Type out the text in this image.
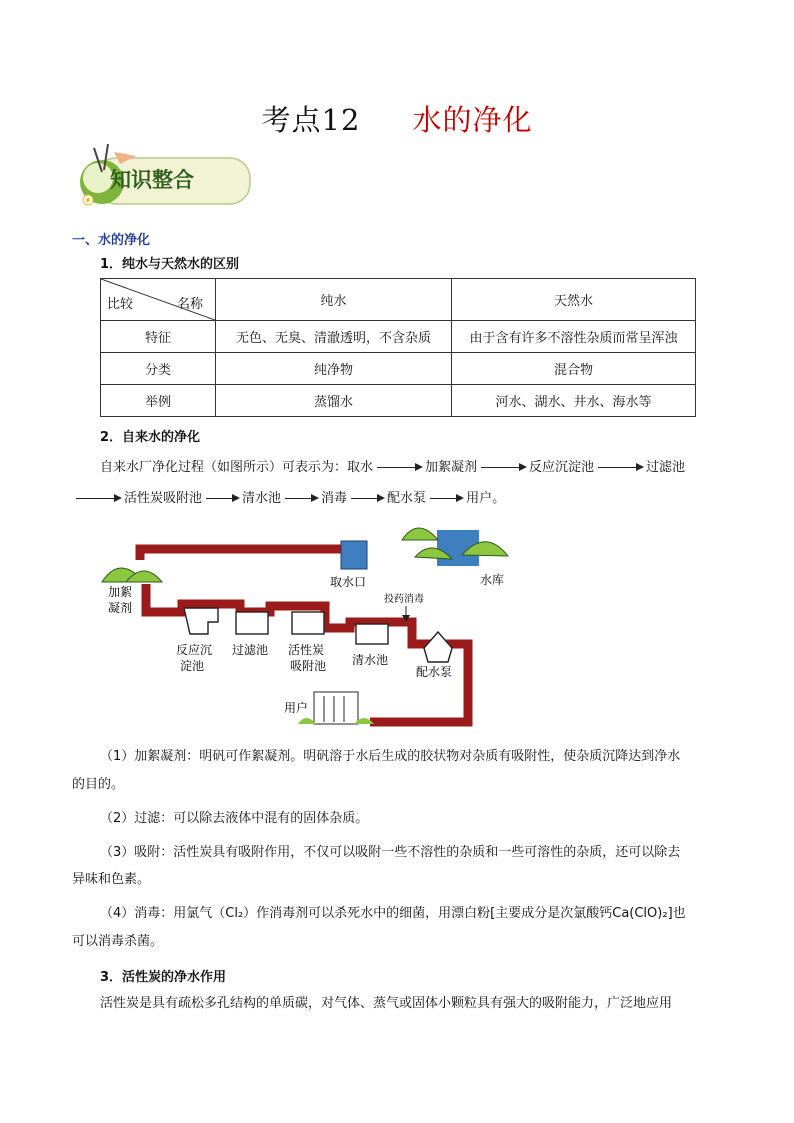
考点12 水的净化
知识整合
一、水的净化
1．纯水与天然水的区别
比较 名称	纯水	天然水
特征	无色、无臭、清澈透明，不含杂质	由于含有许多不溶性杂质而常呈浑浊
分类	纯净物	混合物
举例	蒸馏水	河水、湖水、井水、海水等
2．自来水的净化
自来水厂净化过程（如图所示）可表示为：取水	加絮凝剂	反应沉淀池	过滤池
活性炭吸附池	清水池	消毒	配水泵	用户。
取水口	水库
加絮
凝剂
反应沉
淀池
过滤池 活性炭
吸附池 清水池
配水泵
投药消毒
用户
（1）加絮凝剂：明矾可作絮凝剂。明矾溶于水后生成的胶状物对杂质有吸附性，使杂质沉降达到净水
的目的。
（2）过滤：可以除去液体中混有的固体杂质。
（3）吸附：活性炭具有吸附作用，不仅可以吸附一些不溶性的杂质和一些可溶性的杂质，还可以除去
异味和色素。
（4）消毒：用氯气（Cl₂）作消毒剂可以杀死水中的细菌，用漂白粉[主要成分是次氯酸钙Ca(ClO)₂]也
可以消毒杀菌。
3．活性炭的净水作用
活性炭是具有疏松多孔结构的单质碳，对气体、蒸气或固体小颗粒具有强大的吸附能力，广泛地应用
